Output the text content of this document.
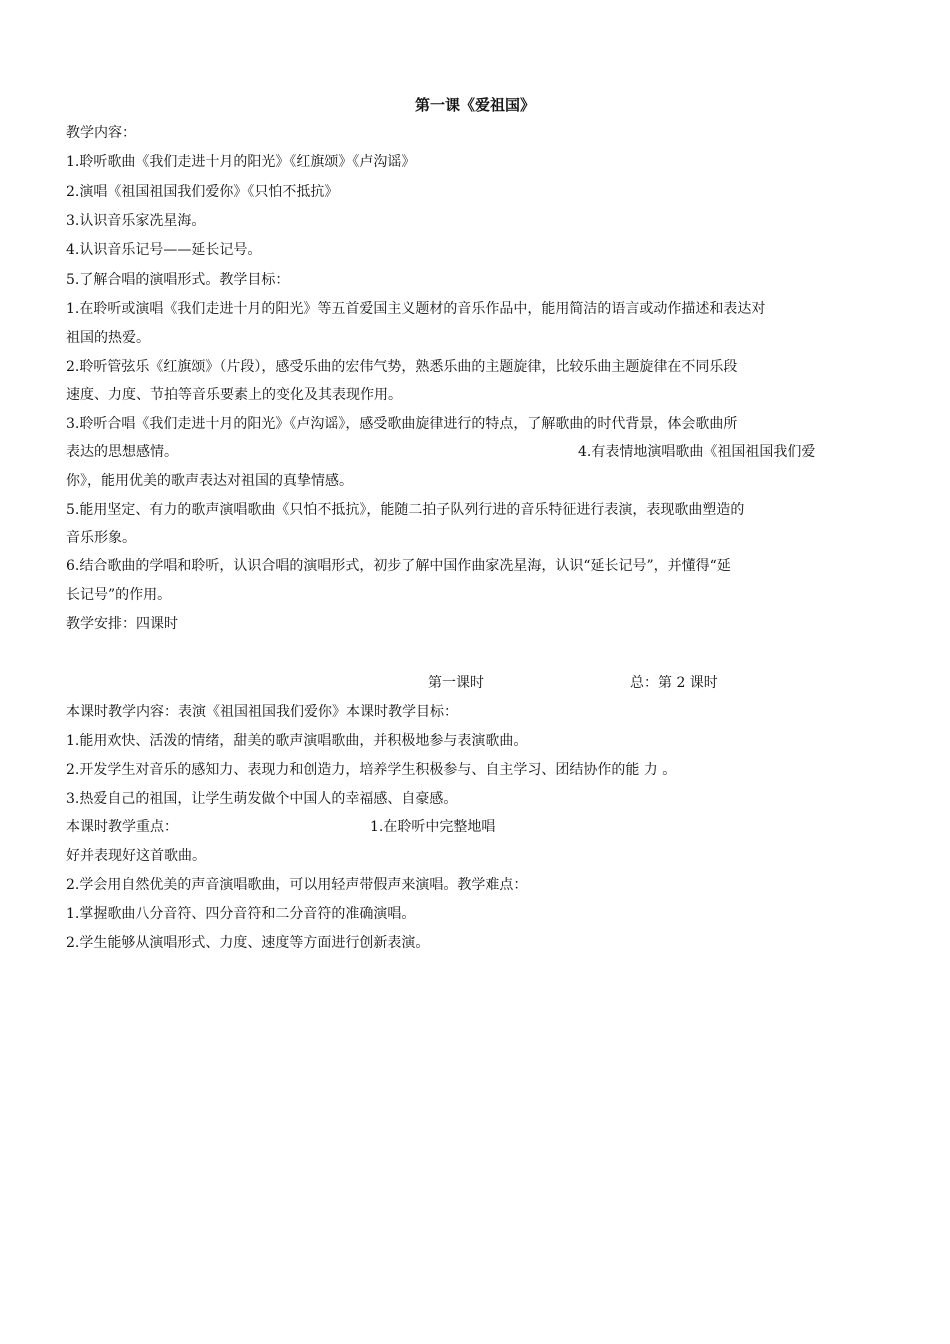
第一课《爱祖国》
教学内容：
1.聆听歌曲《我们走进十月的阳光》《红旗颂》《卢沟谣》
2.演唱《祖国祖国我们爱你》《只怕不抵抗》
3.认识音乐家冼星海。
4.认识音乐记号——延长记号。
5.了解合唱的演唱形式。教学目标：
1.在聆听或演唱《我们走进十月的阳光》等五首爱国主义题材的音乐作品中，能用简洁的语言或动作描述和表达对
祖国的热爱。
2.聆听管弦乐《红旗颂》（片段），感受乐曲的宏伟气势，熟悉乐曲的主题旋律，比较乐曲主题旋律在不同乐段
速度、力度、节拍等音乐要素上的变化及其表现作用。
3.聆听合唱《我们走进十月的阳光》《卢沟谣》，感受歌曲旋律进行的特点，了解歌曲的时代背景，体会歌曲所
表达的思想感情。	4.有表情地演唱歌曲《祖国祖国我们爱
你》，能用优美的歌声表达对祖国的真挚情感。
5.能用坚定、有力的歌声演唱歌曲《只怕不抵抗》，能随二拍子队列行进的音乐特征进行表演，表现歌曲塑造的
音乐形象。
6.结合歌曲的学唱和聆听，认识合唱的演唱形式，初步了解中国作曲家冼星海，认识“延长记号”，并懂得“延
长记号”的作用。
教学安排：四课时
第一课时	总：第 2 课时
本课时教学内容：表演《祖国祖国我们爱你》本课时教学目标：
1.能用欢快、活泼的情绪，甜美的歌声演唱歌曲，并积极地参与表演歌曲。
2.开发学生对音乐的感知力、表现力和创造力，培养学生积极参与、自主学习、团结协作的能 力 。
3.热爱自己的祖国，让学生萌发做个中国人的幸福感、自豪感。
本课时教学重点：	1.在聆听中完整地唱
好并表现好这首歌曲。
2.学会用自然优美的声音演唱歌曲，可以用轻声带假声来演唱。教学难点：
1.掌握歌曲八分音符、四分音符和二分音符的准确演唱。
2.学生能够从演唱形式、力度、速度等方面进行创新表演。
